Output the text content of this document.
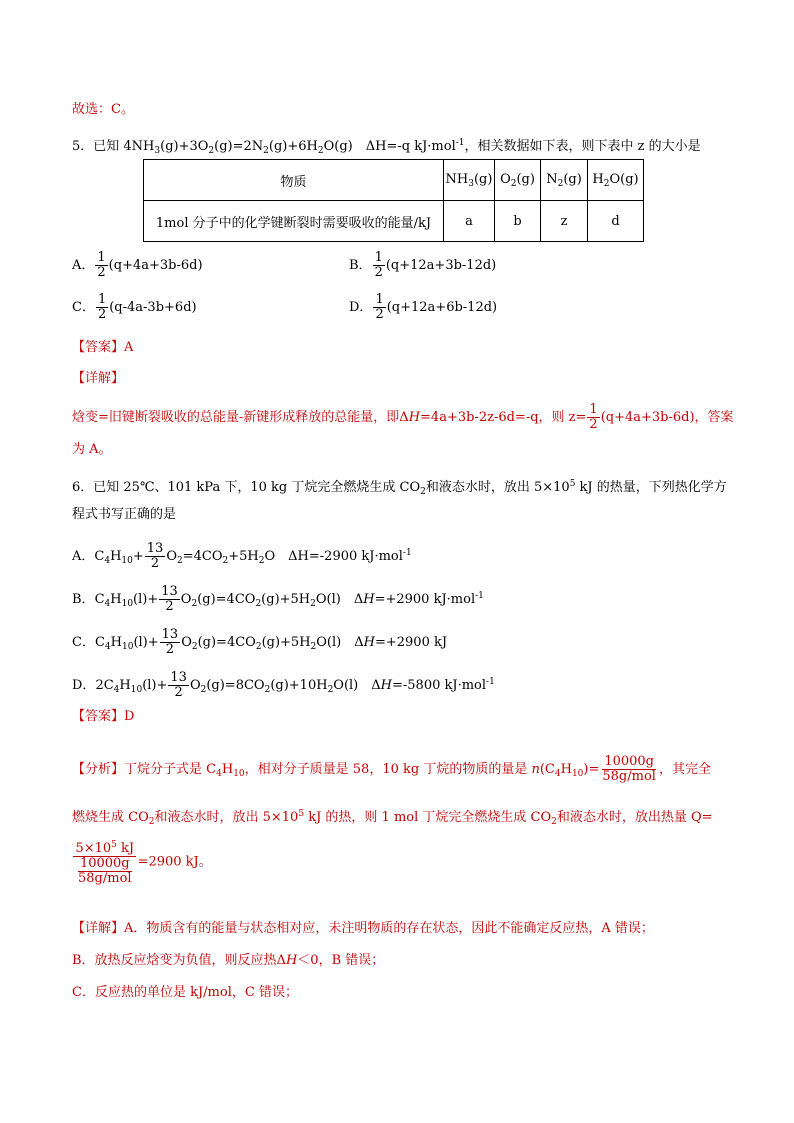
故选：C。
5．已知 $4NH_3(g)+3O_2(g)=2N_2(g)+6H_2O(g)$　ΔH=-q kJ·mol$^{-1}$，相关数据如下表，则下表中 z 的大小是
物质	$NH_3(g)$	$O_2(g)$	$N_2(g)$	$H_2O(g)$
1mol 分子中的化学键断裂时需要吸收的能量/kJ	a	b	z	d
A． $\frac{1}{2} (q+4a+3b-6d)$	B． $\frac{1}{2} (q+12a+3b-12d)$
C． $\frac{1}{2} (q-4a-3b+6d)$	D． $\frac{1}{2} (q+12a+6b-12d)$
【答案】A
【详解】
焓变=旧键断裂吸收的总能量-新键形成释放的总能量，即ΔH=4a+3b-2z-6d=-q，则 $z= \frac{1}{2} (q+4a+3b-6d)$，答案
为 A。
6．已知 25℃、101 kPa 下，10 kg 丁烷完全燃烧生成 $CO_2$和液态水时，放出 $5\times 10^5$ kJ 的热量，下列热化学方
程式书写正确的是
A．$C_4H_{10}+ \frac{13}{2} O_2=4CO_2+5H_2O$　ΔH=-2900 kJ·mol$^{-1}$
B．$C_4H_{10}(l)+ \frac{13}{2} O_2(g)=4CO_2(g)+5H_2O(l)$　ΔH=+2900 kJ·mol$^{-1}$
C．$C_4H_{10}(l)+ \frac{13}{2} O_2(g)=4CO_2(g)+5H_2O(l)$　ΔH=+2900 kJ
D．$2C_4H_{10}(l)+ \frac{13}{2} O_2(g)=8CO_2(g)+10H_2O(l)$　ΔH=-5800 kJ·mol$^{-1}$
【答案】D
【分析】丁烷分子式是 $C_4H_{10}$，相对分子质量是 58，10 kg 丁烷的物质的量是 $n(C_4H_{10})= \frac{10000g}{\text{58g/mol}}$ ，其完全
燃烧生成 $CO_2$和液态水时，放出 $5\times 10^5$ kJ 的热，则 1 mol 丁烷完全燃烧生成 $CO_2$和液态水时，放出热量 Q=
$\frac{5\times 10^5 kJ}{\frac{10000g}{\text{58g/mol}}} =2900$ kJ。
【详解】A．物质含有的能量与状态相对应，未注明物质的存在状态，因此不能确定反应热，A 错误；
B．放热反应焓变为负值，则反应热ΔH＜0，B 错误；
C．反应热的单位是 kJ/mol，C 错误；
